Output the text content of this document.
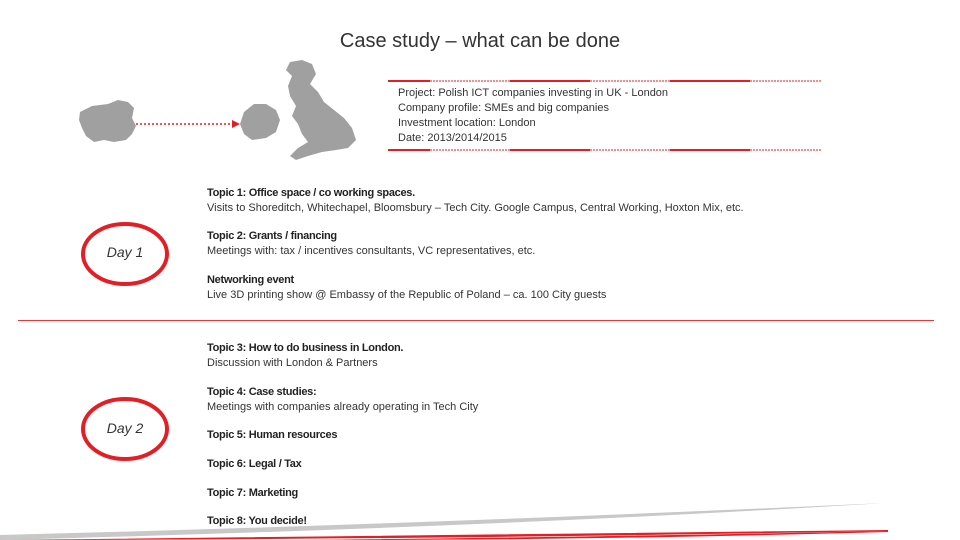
Case study – what can be done
Project: Polish ICT companies investing in UK - London
Company profile: SMEs and big companies
Investment location: London
Date: 2013/2014/2015
Day 1
Day 2
Topic 1: Office space / co working spaces.
Visits to Shoreditch, Whitechapel, Bloomsbury – Tech City. Google Campus, Central Working, Hoxton Mix, etc.
Topic 2: Grants / financing
Meetings with: tax / incentives consultants, VC representatives, etc.
Networking event
Live 3D printing show @ Embassy of the Republic of Poland – ca. 100 City guests
Topic 3: How to do business in London.
Discussion with London & Partners
Topic 4: Case studies:
Meetings with companies already operating in Tech City
Topic 5: Human resources
Topic 6: Legal / Tax
Topic 7: Marketing
Topic 8: You decide!
